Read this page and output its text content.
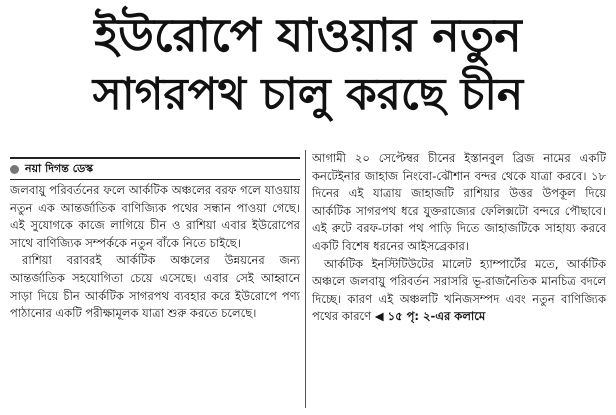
ইউরোপে যাওয়ার নতুন
সাগরপথ চালু করছে চীন
নয়া দিগন্ত ডেস্ক

জলবায়ু পরিবর্তনের ফলে আর্কটিক অঞ্চলের বরফ গলে যাওয়ায় নতুন এক আন্তর্জাতিক বাণিজ্যিক পথের সন্ধান পাওয়া গেছে। এই সুযোগকে কাজে লাগিয়ে চীন ও রাশিয়া এবার ইউরোপের সাথে বাণিজ্যিক সম্পর্ককে নতুন বাঁকে নিতে চাইছে।

রাশিয়া বরাবরই আর্কটিক অঞ্চলের উন্নয়নের জন্য আন্তর্জাতিক সহযোগিতা চেয়ে এসেছে। এবার সেই আহ্বানে সাড়া দিয়ে চীন আর্কটিক সাগরপথ ব্যবহার করে ইউরোপে পণ্য পাঠানোর একটি পরীক্ষামূলক যাত্রা শুরু করতে চলেছে।

আগামী ২০ সেপ্টেম্বর চীনের ইস্তানবুল ব্রিজ নামের একটি কনটেইনার জাহাজ নিংবো-ঝৌশান বন্দর থেকে যাত্রা করবে। ১৮ দিনের এই যাত্রায় জাহাজটি রাশিয়ার উত্তর উপকূল দিয়ে আর্কটিক সাগরপথ ধরে যুক্তরাজ্যের ফেলিক্সটো বন্দরে পৌছাবে। এই রুটে বরফ-ঢাকা পথ পাড়ি দিতে জাহাজটিকে সাহায্য করবে একটি বিশেষ ধরনের আইসব্রেকার।

আর্কটিক ইনস্টিটিউটের মালেট হ্যাম্পার্টের মতে, আর্কটিক অঞ্চলে জলবায়ু পরিবর্তন সরাসরি ভূ-রাজনৈতিক মানচিত্র বদলে দিচ্ছে। কারণ এই অঞ্চলটি খনিজসম্পদ এবং নতুন বাণিজ্যিক পথের কারণে ◀ ১৫ পৃ: ২-এর কলামে
